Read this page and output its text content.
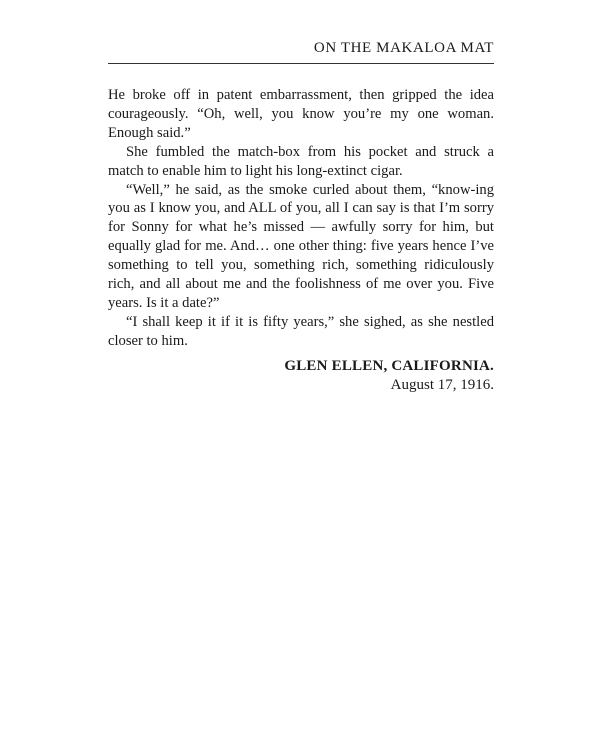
ON THE MAKALOA MAT

He broke off in patent embarrassment, then gripped the idea courageously. “Oh, well, you know you’re my one woman. Enough said.”

She fumbled the match-box from his pocket and struck a match to enable him to light his long-extinct cigar.

“Well,” he said, as the smoke curled about them, “know-ing you as I know you, and ALL of you, all I can say is that I’m sorry for Sonny for what he’s missed — awfully sorry for him, but equally glad for me. And… one other thing: five years hence I’ve something to tell you, something rich, something ridiculously rich, and all about me and the foolishness of me over you. Five years. Is it a date?”

“I shall keep it if it is fifty years,” she sighed, as she nestled closer to him.

GLEN ELLEN, CALIFORNIA.
August 17, 1916.
